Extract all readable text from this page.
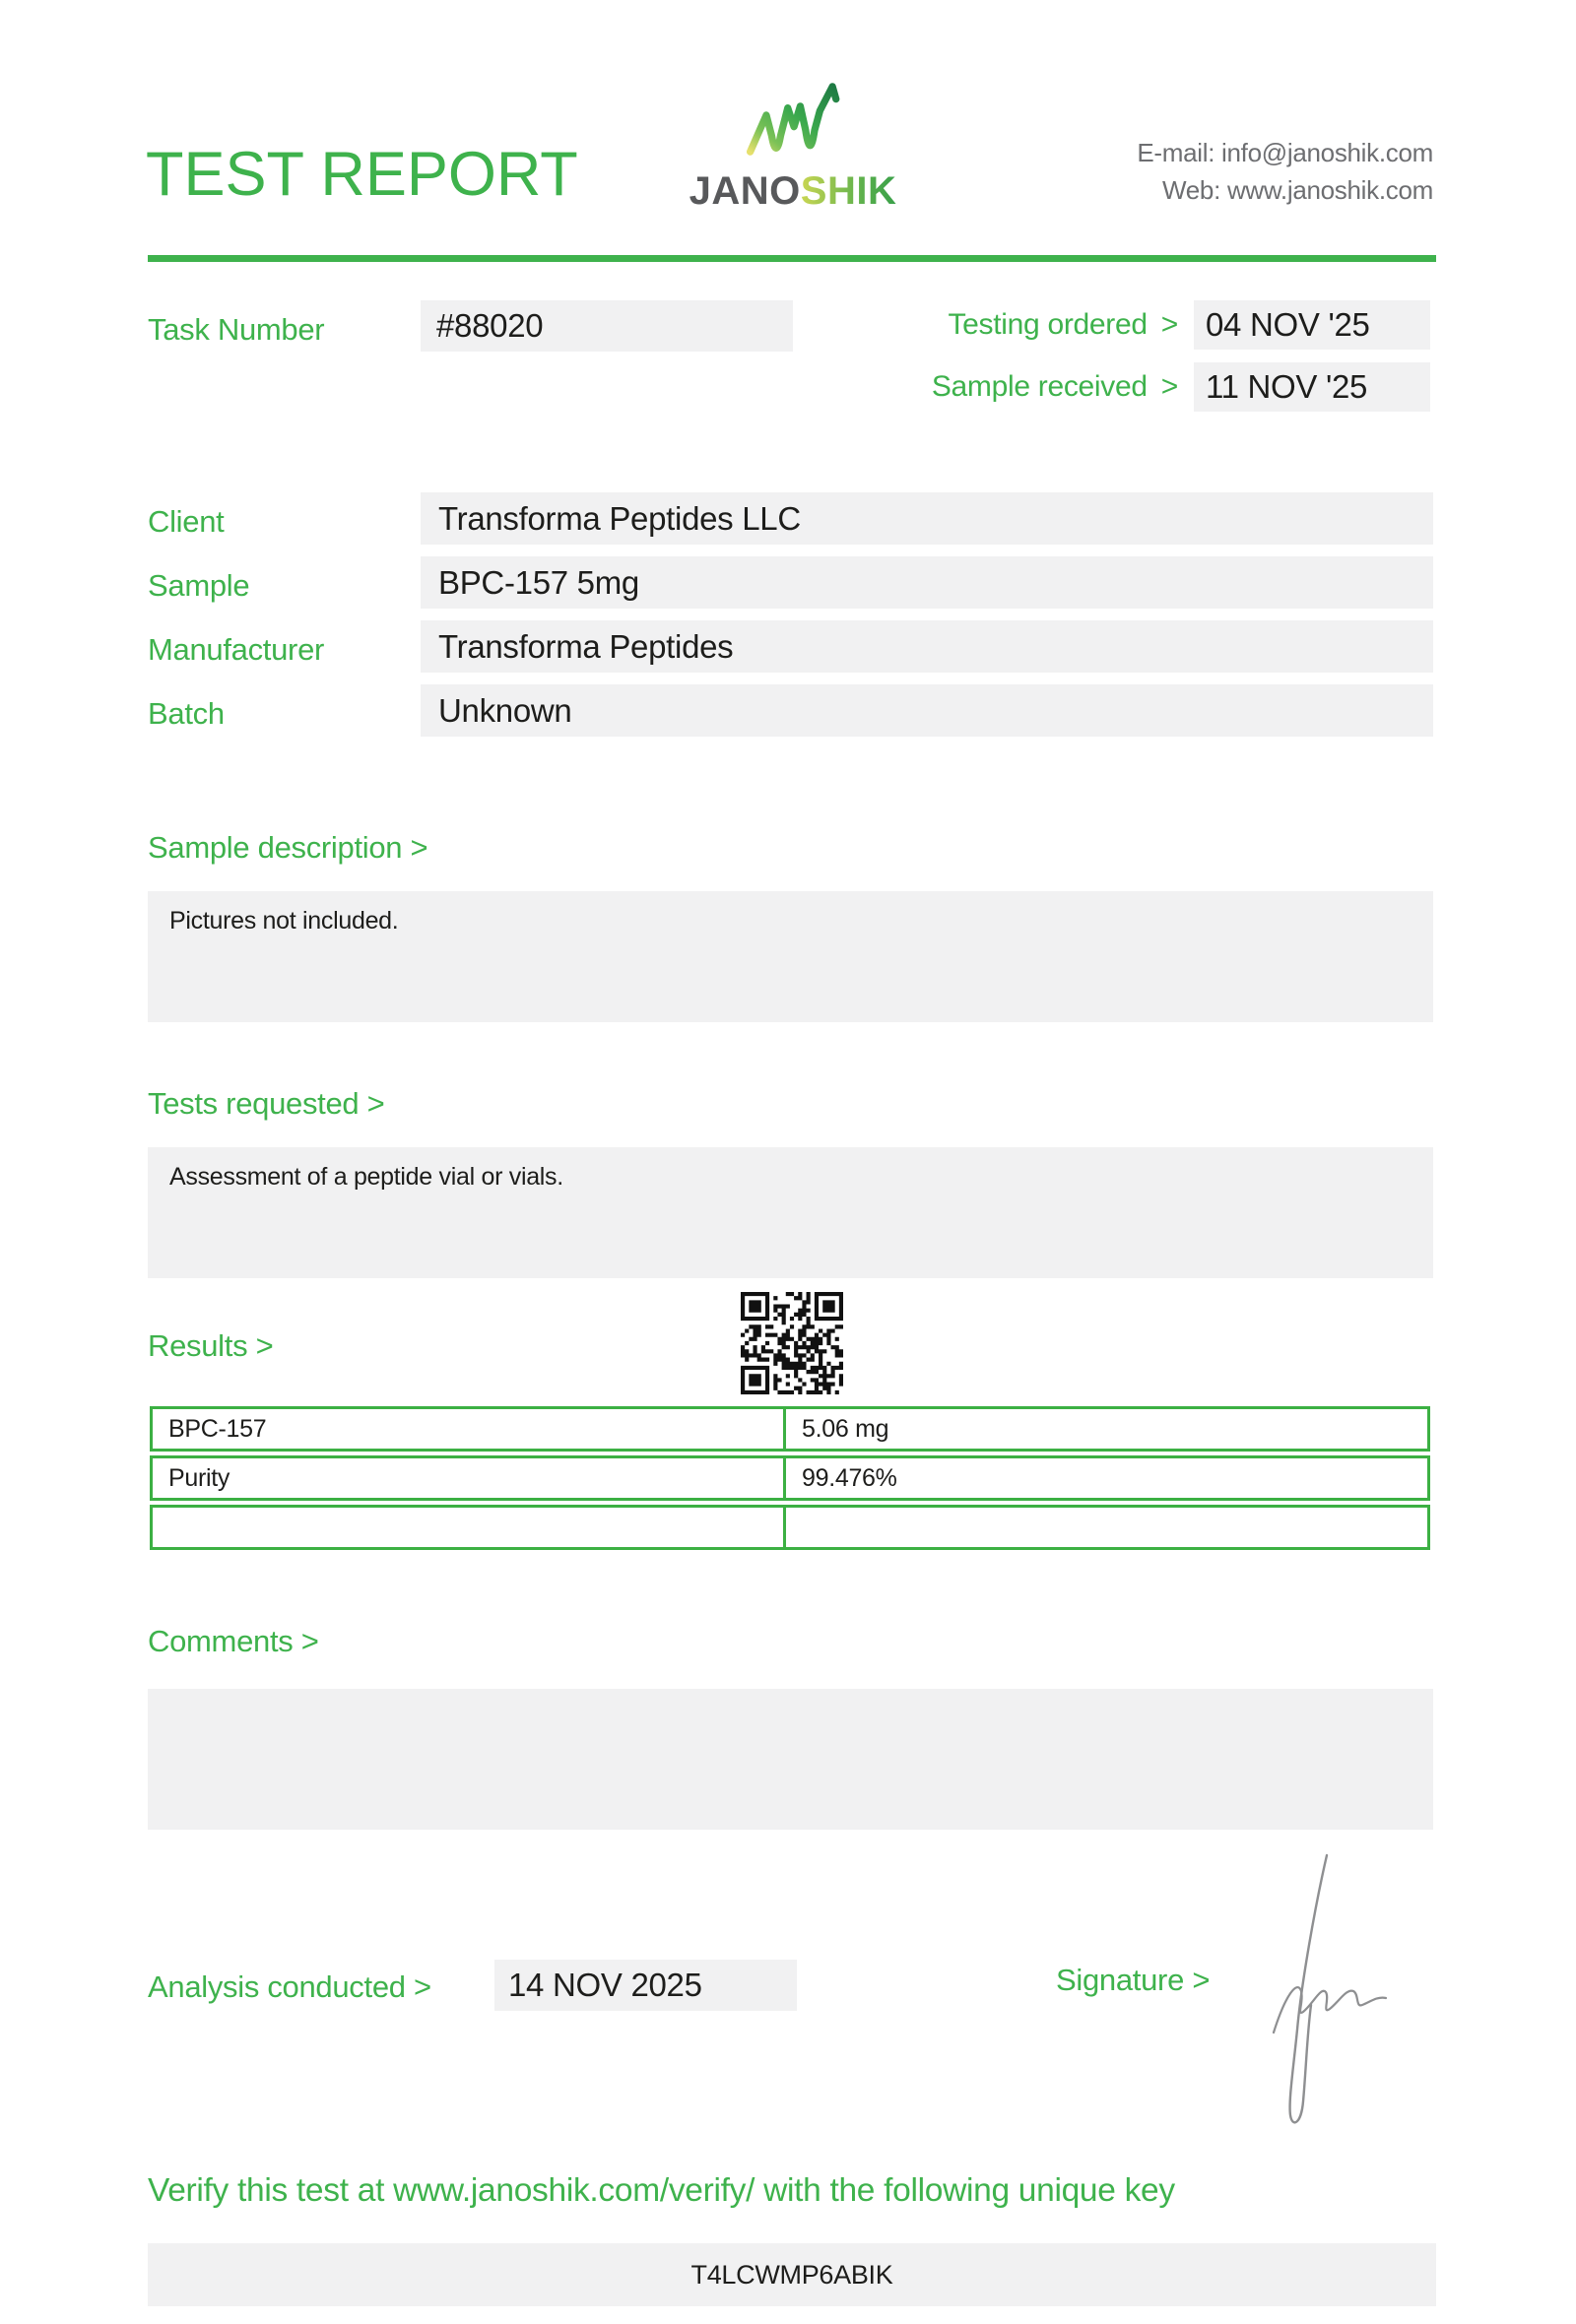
TEST REPORT	JANOSHIK
E-mail: info@janoshik.com
Web: www.janoshik.com
Task Number	#88020	Testing ordered > 04 NOV '25
Sample received > 11 NOV '25
Client	Transforma Peptides LLC
Sample	BPC-157 5mg
Manufacturer	Transforma Peptides
Batch	Unknown
Sample description >
Pictures not included.
Tests requested >
Assessment of a peptide vial or vials.
Results >
BPC-157	5.06 mg
Purity	99.476%
Comments >
Analysis conducted >	14 NOV 2025	Signature >
Verify this test at www.janoshik.com/verify/ with the following unique key
T4LCWMP6ABIK
